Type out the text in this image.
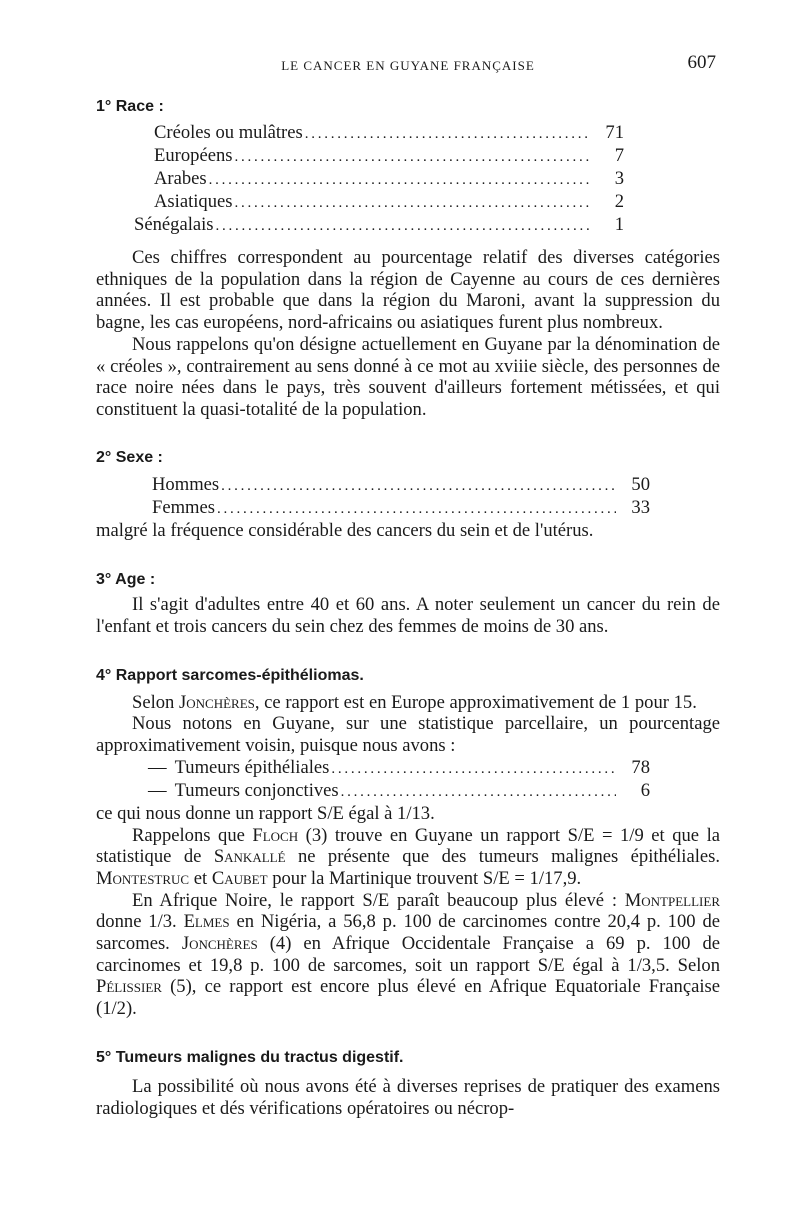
LE CANCER EN GUYANE FRANÇAISE	607
1° Race :
Créoles ou mulâtres . . .	71
Européens . . .	7
Arabes . . .	3
Asiatiques . . .	2
Sénégalais . . .	1

Ces chiffres correspondent au pourcentage relatif des diverses catégories ethniques de la population dans la région de Cayenne au cours de ces dernières années. Il est probable que dans la région du Maroni, avant la suppression du bagne, les cas européens, nord-africains ou asiatiques furent plus nombreux.

Nous rappelons qu'on désigne actuellement en Guyane par la dénomination de « créoles », contrairement au sens donné à ce mot au xviiie siècle, des personnes de race noire nées dans le pays, très souvent d'ailleurs fortement métissées, et qui constituent la quasi-totalité de la population.

2° Sexe :
Hommes . . .	50
Femmes . . .	33

malgré la fréquence considérable des cancers du sein et de l'utérus.

3° Age :

Il s'agit d'adultes entre 40 et 60 ans. A noter seulement un cancer du rein de l'enfant et trois cancers du sein chez des femmes de moins de 30 ans.

4° Rapport sarcomes-épithéliomas.

Selon Jonchères, ce rapport est en Europe approximativement de 1 pour 15.

Nous notons en Guyane, sur une statistique parcellaire, un pourcentage approximativement voisin, puisque nous avons :

— Tumeurs épithéliales . . .	78
— Tumeurs conjonctives . . .	6

ce qui nous donne un rapport S/E égal à 1/13.

Rappelons que Floch (3) trouve en Guyane un rapport S/E = 1/9 et que la statistique de Sankallé ne présente que des tumeurs malignes épithéliales. Montestruc et Caubet pour la Martinique trouvent S/E = 1/17,9.

En Afrique Noire, le rapport S/E paraît beaucoup plus élevé : Montpellier donne 1/3. Elmes en Nigéria, a 56,8 p. 100 de carcinomes contre 20,4 p. 100 de sarcomes. Jonchères (4) en Afrique Occidentale Française a 69 p. 100 de carcinomes et 19,8 p. 100 de sarcomes, soit un rapport S/E égal à 1/3,5. Selon Pélissier (5), ce rapport est encore plus élevé en Afrique Equatoriale Française (1/2).

5° Tumeurs malignes du tractus digestif.

La possibilité où nous avons été à diverses reprises de pratiquer des examens radiologiques et dés vérifications opératoires ou nécrop-
